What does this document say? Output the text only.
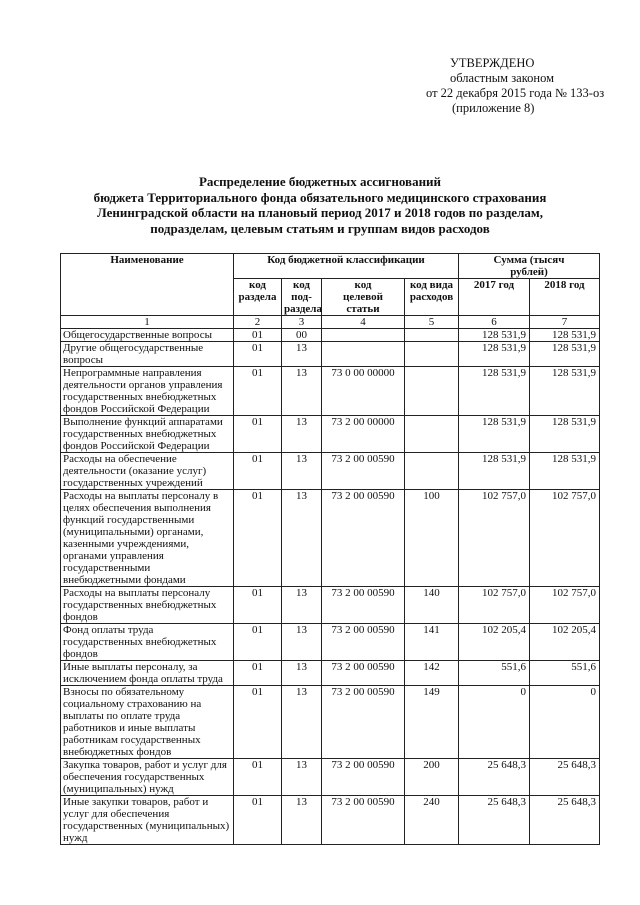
УТВЕРЖДЕНО
областным законом
от 22 декабря 2015 года № 133-оз
(приложение 8)
Распределение бюджетных ассигнований
бюджета Территориального фонда обязательного медицинского страхования
Ленинградской области на плановый период 2017 и 2018 годов по разделам,
подразделам, целевым статьям и группам видов расходов
Наименование	Код бюджетной классификации				Сумма (тысяч рублей)	
	код раздела	код под- раздела	код целевой статьи	код вида расходов	2017 год	2018 год
1	2	3	4	5	6	7
Общегосударственные вопросы	01	00			128 531,9	128 531,9
Другие общегосударственные вопросы	01	13			128 531,9	128 531,9
Непрограммные направления деятельности органов управления государственных внебюджетных фондов Российской Федерации	01	13	73 0 00 00000		128 531,9	128 531,9
Выполнение функций аппаратами государственных внебюджетных фондов Российской Федерации	01	13	73 2 00 00000		128 531,9	128 531,9
Расходы на обеспечение деятельности (оказание услуг) государственных учреждений	01	13	73 2 00 00590		128 531,9	128 531,9
Расходы на выплаты персоналу в целях обеспечения выполнения функций государственными (муниципальными) органами, казенными учреждениями, органами управления государственными внебюджетными фондами	01	13	73 2 00 00590	100	102 757,0	102 757,0
Расходы на выплаты персоналу государственных внебюджетных фондов	01	13	73 2 00 00590	140	102 757,0	102 757,0
Фонд оплаты труда государственных внебюджетных фондов	01	13	73 2 00 00590	141	102 205,4	102 205,4
Иные выплаты персоналу, за исключением фонда оплаты труда	01	13	73 2 00 00590	142	551,6	551,6
Взносы по обязательному социальному страхованию на выплаты по оплате труда работников и иные выплаты работникам государственных внебюджетных фондов	01	13	73 2 00 00590	149	0	0
Закупка товаров, работ и услуг для обеспечения государственных (муниципальных) нужд	01	13	73 2 00 00590	200	25 648,3	25 648,3
Иные закупки товаров, работ и услуг для обеспечения государственных (муниципальных) нужд	01	13	73 2 00 00590	240	25 648,3	25 648,3
